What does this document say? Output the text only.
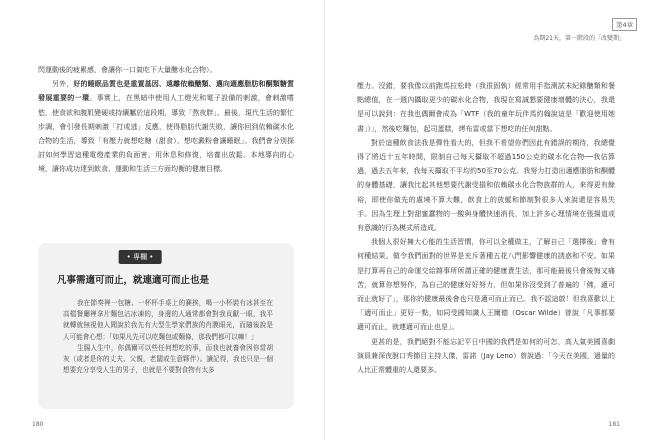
閃運動後的疲累感，會讓你一口氣吃下大量醣水化合物）。

另外，好的睡眠品質也是重置基因、遠離依賴醣類、邁向適應脂肪和酮類糖質發展重要的一環。事實上，在黑暗中使用人工燈光和電子設備的刺激，會刺激嗜慾，使食欲和腹肌變硬或持續屬於這段期，導致「熬夜胖」。最後，現代生活的繁忙步調，會引發長期刺激「打或逃」反應，使得脂肪代謝失敗，讓你回到依賴碳水化合物的生活，導致「有壓力就想吃糖（甜食）、想吃澱粉會讓睡眠」。我們會分別探討如何學習這種電燈產業的負面害，用休息和修復，培養出放鬆、本地導向的心境，讓你成功達到飲食、運動和生活三方面均衡的健康目標。

180
• 專欄 •
凡事需適可而止，就連適可而止也是

我在節奏裡一包糖、一杯杯手桌上的賽挨，喝一小杯裝有冰甚至在高檔餐廳裡拿片麵包沾冰凍的，身邊的人通常都會對我貢獻一眼，我平就轉就無視他人聞說於我先有大型生學家們族的肖膜眼光，而隨後說是人可能會心想：「如果凡先可以吃麵包或麵條，那我們都可以嘛！」

生腸人生中，你偶爾可以些任何想吃的事，而我也就養會因你當胡灰（或者是你的丈夫、父親，老闆或生意夥伴）。讀記得，我也只是一個想要充分享受人生的男子，也就是不要對食物有太多

第4章
為期21天，第一階段的「改變期」

壓力。沒錯，要我像以前跑馬拉松時（我很固執）經常用手指測試末紀錄醣類和餐點總值，在一週內攝取更少的碳水化合物，我現在寫誠懇要健康增體的決心，我還是可以說到：在我也偶爾會成為「WTF（我的童年玩伴馬約翰說這是「歡迎使用她書」）」，然後吃麵包，起司蛋糕，烤布雷或當下想吃的任何甜點。

對於這種飲食法我是彈性看大的，但我不希望你們因此有錯誤的期待，我總覺得了將近十五年時間，限制自己每天攝取不超過150公克的碳水化合物──我估算過，過去五年來，我每天攝取不平均約50至70公克。我努力打造出適應脂肪和酮體的身體基礎，讓我比起其他想要代謝受損和依賴碳水化合物族群的人，來得更有餘裕，即使你做先的處境不算大難，飲食上的放縱和節制對很多人來說還是容易失手。因為生理上對甜蜜蠢物的一酸與身體快速消長，加上許多心理情境在張揚道或有意識的行為模式所造成。

我個人很好擁大心能的生活習慣，你可以全權做主，了解自己「選擇後」會有何種結果。做令我們面對的世界是充斥著種五花八門影響健康的誘惑和不安。如果是打算再自己的命運交給雜事所所謂正確的健康責生法，那可能最後只會後悔又痛苦，就算你想努作，為自己的健康好好努力，但如果你沒受到了普遍的「佛，適可而止就好了」，那你的健康最後會也只是適可而止而已。我不認這啟！但我喜歡以上「適可而止」更好一點，如同受國知識人王爾德（Oscar Wilde）曾說「凡事都要適可而止，就連適可而止也是」。

更甚的是，我們絕對不能忘記平日中國的我們是如何的可怎，高人氣美國喜劇演員兼深夜脫口秀節目主持人傑，雷諾（Jay Leno）曾說過：「今天在美國，過量的人比正常體重的人還要多。

181
